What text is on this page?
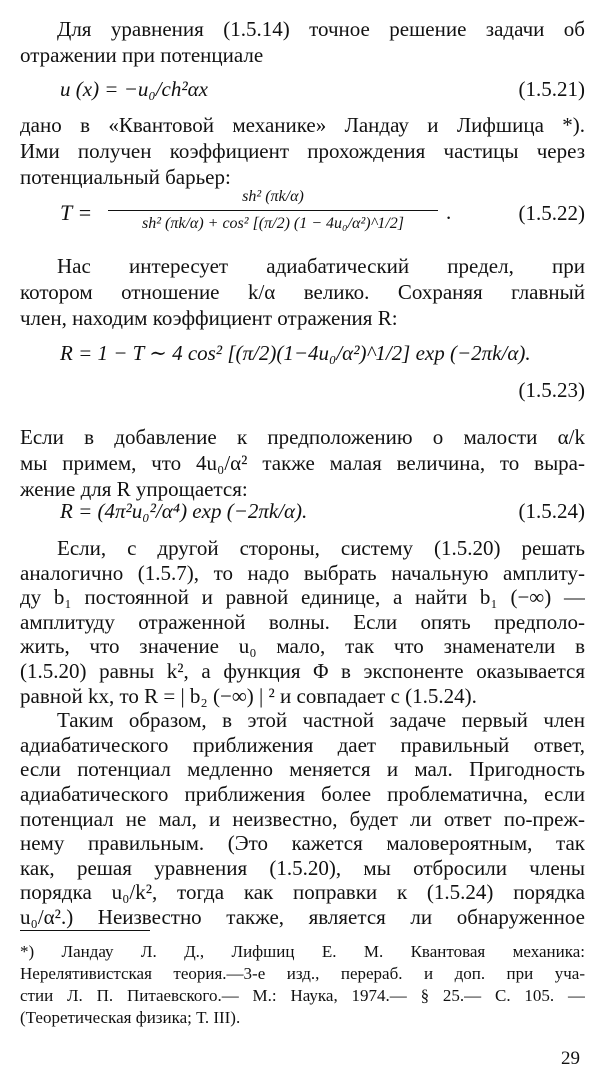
Для уравнения (1.5.14) точное решение задачи об
отражении при потенциале
u (x) = −u₀/ch²αx	(1.5.21)
дано в «Квантовой механике» Ландау и Лифшица *).
Ими получен коэффициент прохождения частицы через
потенциальный барьер:
T =
sh² (πk/α)
sh² (πk/α) + cos² [(π/2) (1 − 4u₀/α²)^1/2]	.	(1.5.22)
Нас интересует адиабатический предел, при
котором отношение k/α велико. Сохраняя главный
член, находим коэффициент отражения R:
R = 1 − T ∼ 4 cos² [(π/2)(1−4u₀/α²)^1/2] exp (−2πk/α).
(1.5.23)
Если в добавление к предположению о малости α/k
мы примем, что 4u₀/α² также малая величина, то выра-
жение для R упрощается:
R = (4π²u₀²/α⁴) exp (−2πk/α).	(1.5.24)
Если, с другой стороны, систему (1.5.20) решать
аналогично (1.5.7), то надо выбрать начальную амплиту-
ду b₁ постоянной и равной единице, а найти b₁ (−∞) —
амплитуду отраженной волны. Если опять предполо-
жить, что значение u₀ мало, так что знаменатели в
(1.5.20) равны k², а функция Φ в экспоненте оказывается
равной kx, то R = | b₂ (−∞) | ² и совпадает с (1.5.24).
Таким образом, в этой частной задаче первый член
адиабатического приближения дает правильный ответ,
если потенциал медленно меняется и мал. Пригодность
адиабатического приближения более проблематична, если
потенциал не мал, и неизвестно, будет ли ответ по-преж-
нему правильным. (Это кажется маловероятным, так
как, решая уравнения (1.5.20), мы отбросили члены
порядка u₀/k², тогда как поправки к (1.5.24) порядка
*) Ландау Л. Д., Лифшиц Е. М. Квантовая механика:
Нерелятивистская теория.—3-е изд., перераб. и доп. при уча-
стии Л. П. Питаевского.— М.: Наука, 1974.— § 25.— С. 105. —
(Теоретическая физика; Т. III).
29
u₀/α².) Неизвестно также, является ли обнаруженное
